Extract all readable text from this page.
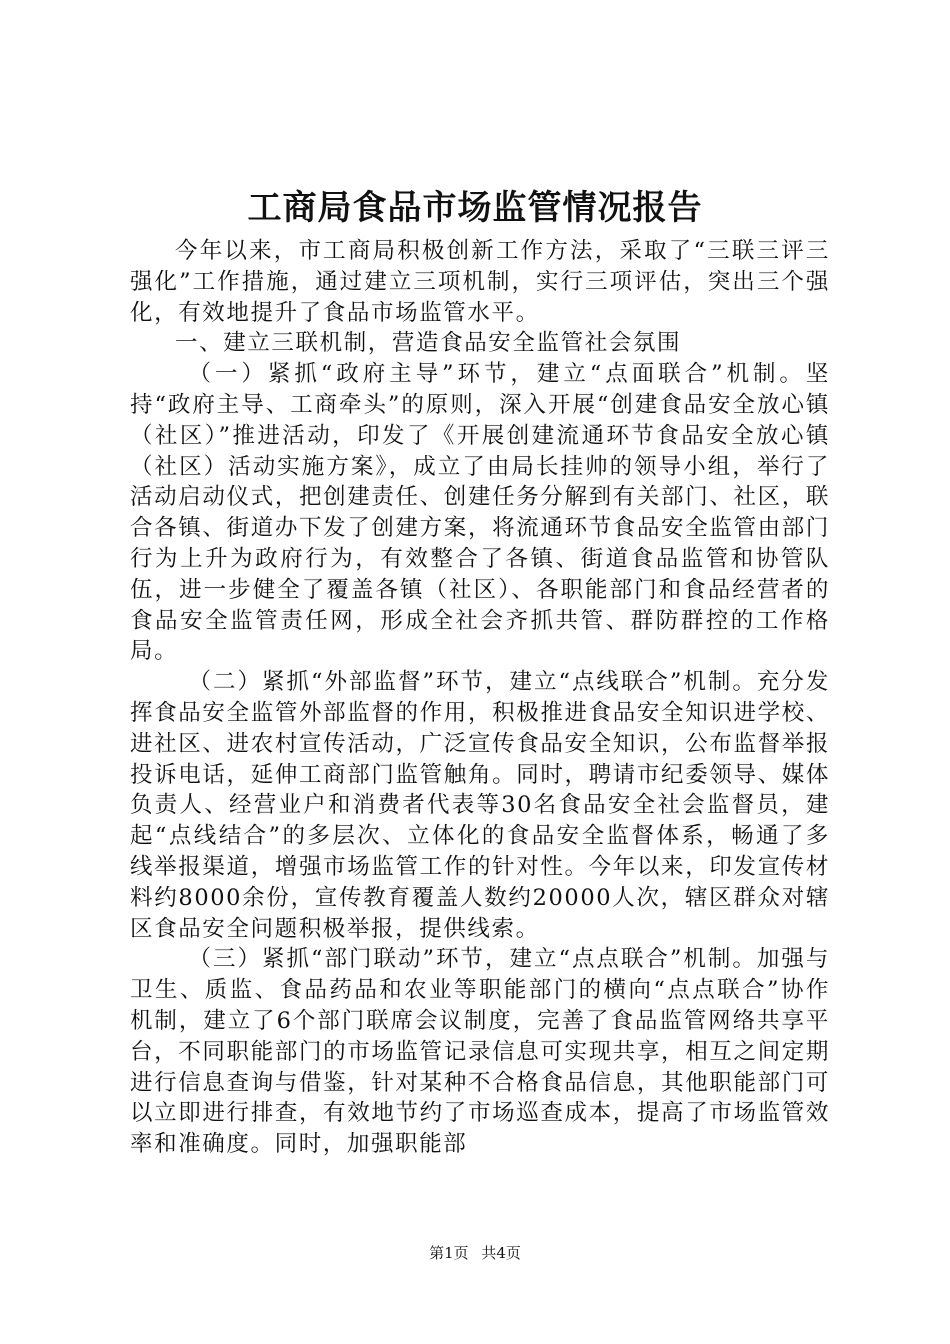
工商局食品市场监管情况报告

今年以来，市工商局积极创新工作方法，采取了“三联三评三强化”工作措施，通过建立三项机制，实行三项评估，突出三个强化，有效地提升了食品市场监管水平。

一、建立三联机制，营造食品安全监管社会氛围

（一）紧抓“政府主导”环节，建立“点面联合”机制。坚持“政府主导、工商牵头”的原则，深入开展“创建食品安全放心镇（社区）”推进活动，印发了《开展创建流通环节食品安全放心镇（社区）活动实施方案》，成立了由局长挂帅的领导小组，举行了活动启动仪式，把创建责任、创建任务分解到有关部门、社区，联合各镇、街道办下发了创建方案，将流通环节食品安全监管由部门行为上升为政府行为，有效整合了各镇、街道食品监管和协管队伍，进一步健全了覆盖各镇（社区）、各职能部门和食品经营者的食品安全监管责任网，形成全社会齐抓共管、群防群控的工作格局。

（二）紧抓“外部监督”环节，建立“点线联合”机制。充分发挥食品安全监管外部监督的作用，积极推进食品安全知识进学校、进社区、进农村宣传活动，广泛宣传食品安全知识，公布监督举报投诉电话，延伸工商部门监管触角。同时，聘请市纪委领导、媒体负责人、经营业户和消费者代表等30名食品安全社会监督员，建起“点线结合”的多层次、立体化的食品安全监督体系，畅通了多线举报渠道，增强市场监管工作的针对性。今年以来，印发宣传材料约8000余份，宣传教育覆盖人数约20000人次，辖区群众对辖区食品安全问题积极举报，提供线索。

（三）紧抓“部门联动”环节，建立“点点联合”机制。加强与卫生、质监、食品药品和农业等职能部门的横向“点点联合”协作机制，建立了6个部门联席会议制度，完善了食品监管网络共享平台，不同职能部门的市场监管记录信息可实现共享，相互之间定期进行信息查询与借鉴，针对某种不合格食品信息，其他职能部门可以立即进行排查，有效地节约了市场巡查成本，提高了市场监管效率和准确度。同时，加强职能部

第1页 共4页
